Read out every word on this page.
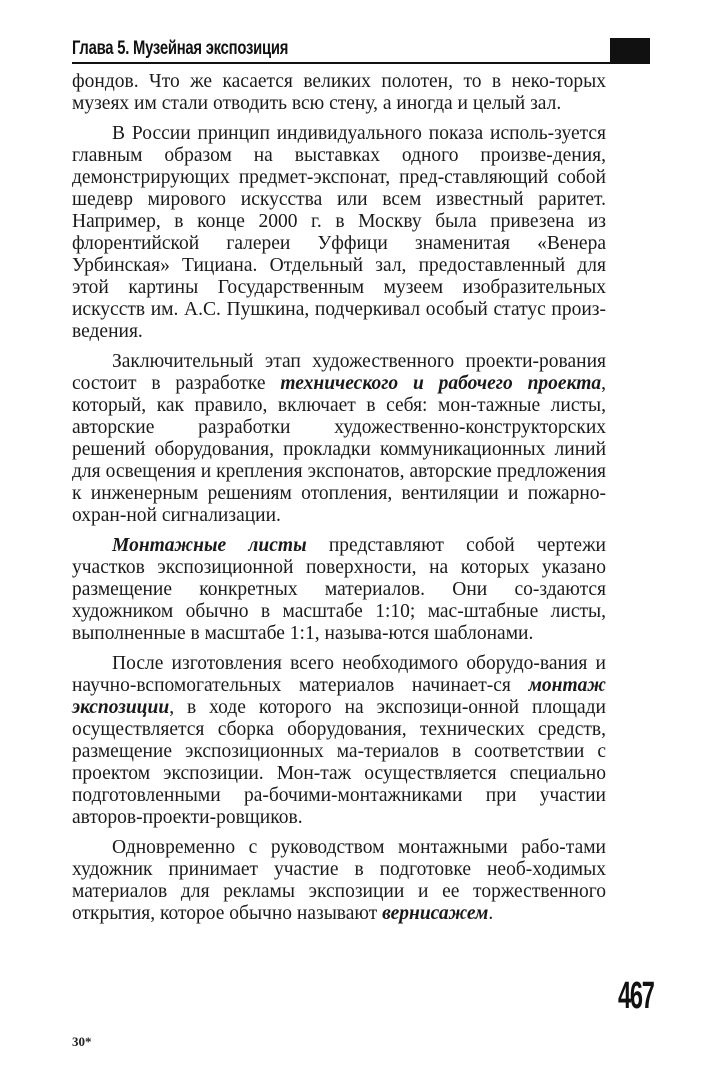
Глава 5. Музейная экспозиция

фондов. Что же касается великих полотен, то в неко-торых музеях им стали отводить всю стену, а иногда и целый зал.

В России принцип индивидуального показа исполь-зуется главным образом на выставках одного произве-дения, демонстрирующих предмет-экспонат, пред-ставляющий собой шедевр мирового искусства или всем известный раритет. Например, в конце 2000 г. в Москву была привезена из флорентийской галереи Уффици знаменитая «Венера Урбинская» Тициана. Отдельный зал, предоставленный для этой картины Государственным музеем изобразительных искусств им. А.С. Пушкина, подчеркивал особый статус произ-ведения.

Заключительный этап художественного проекти-рования состоит в разработке технического и рабочего проекта, который, как правило, включает в себя: мон-тажные листы, авторские разработки художественно-конструкторских решений оборудования, прокладки коммуникационных линий для освещения и крепления экспонатов, авторские предложения к инженерным решениям отопления, вентиляции и пожарно-охран-ной сигнализации.

Монтажные листы представляют собой чертежи участков экспозиционной поверхности, на которых указано размещение конкретных материалов. Они со-здаются художником обычно в масштабе 1:10; мас-штабные листы, выполненные в масштабе 1:1, называ-ются шаблонами.

После изготовления всего необходимого оборудо-вания и научно-вспомогательных материалов начинает-ся монтаж экспозиции, в ходе которого на экспозици-онной площади осуществляется сборка оборудования, технических средств, размещение экспозиционных ма-териалов в соответствии с проектом экспозиции. Мон-таж осуществляется специально подготовленными ра-бочими-монтажниками при участии авторов-проекти-ровщиков.

Одновременно с руководством монтажными рабо-тами художник принимает участие в подготовке необ-ходимых материалов для рекламы экспозиции и ее торжественного открытия, которое обычно называют вернисажем.

467
30*
